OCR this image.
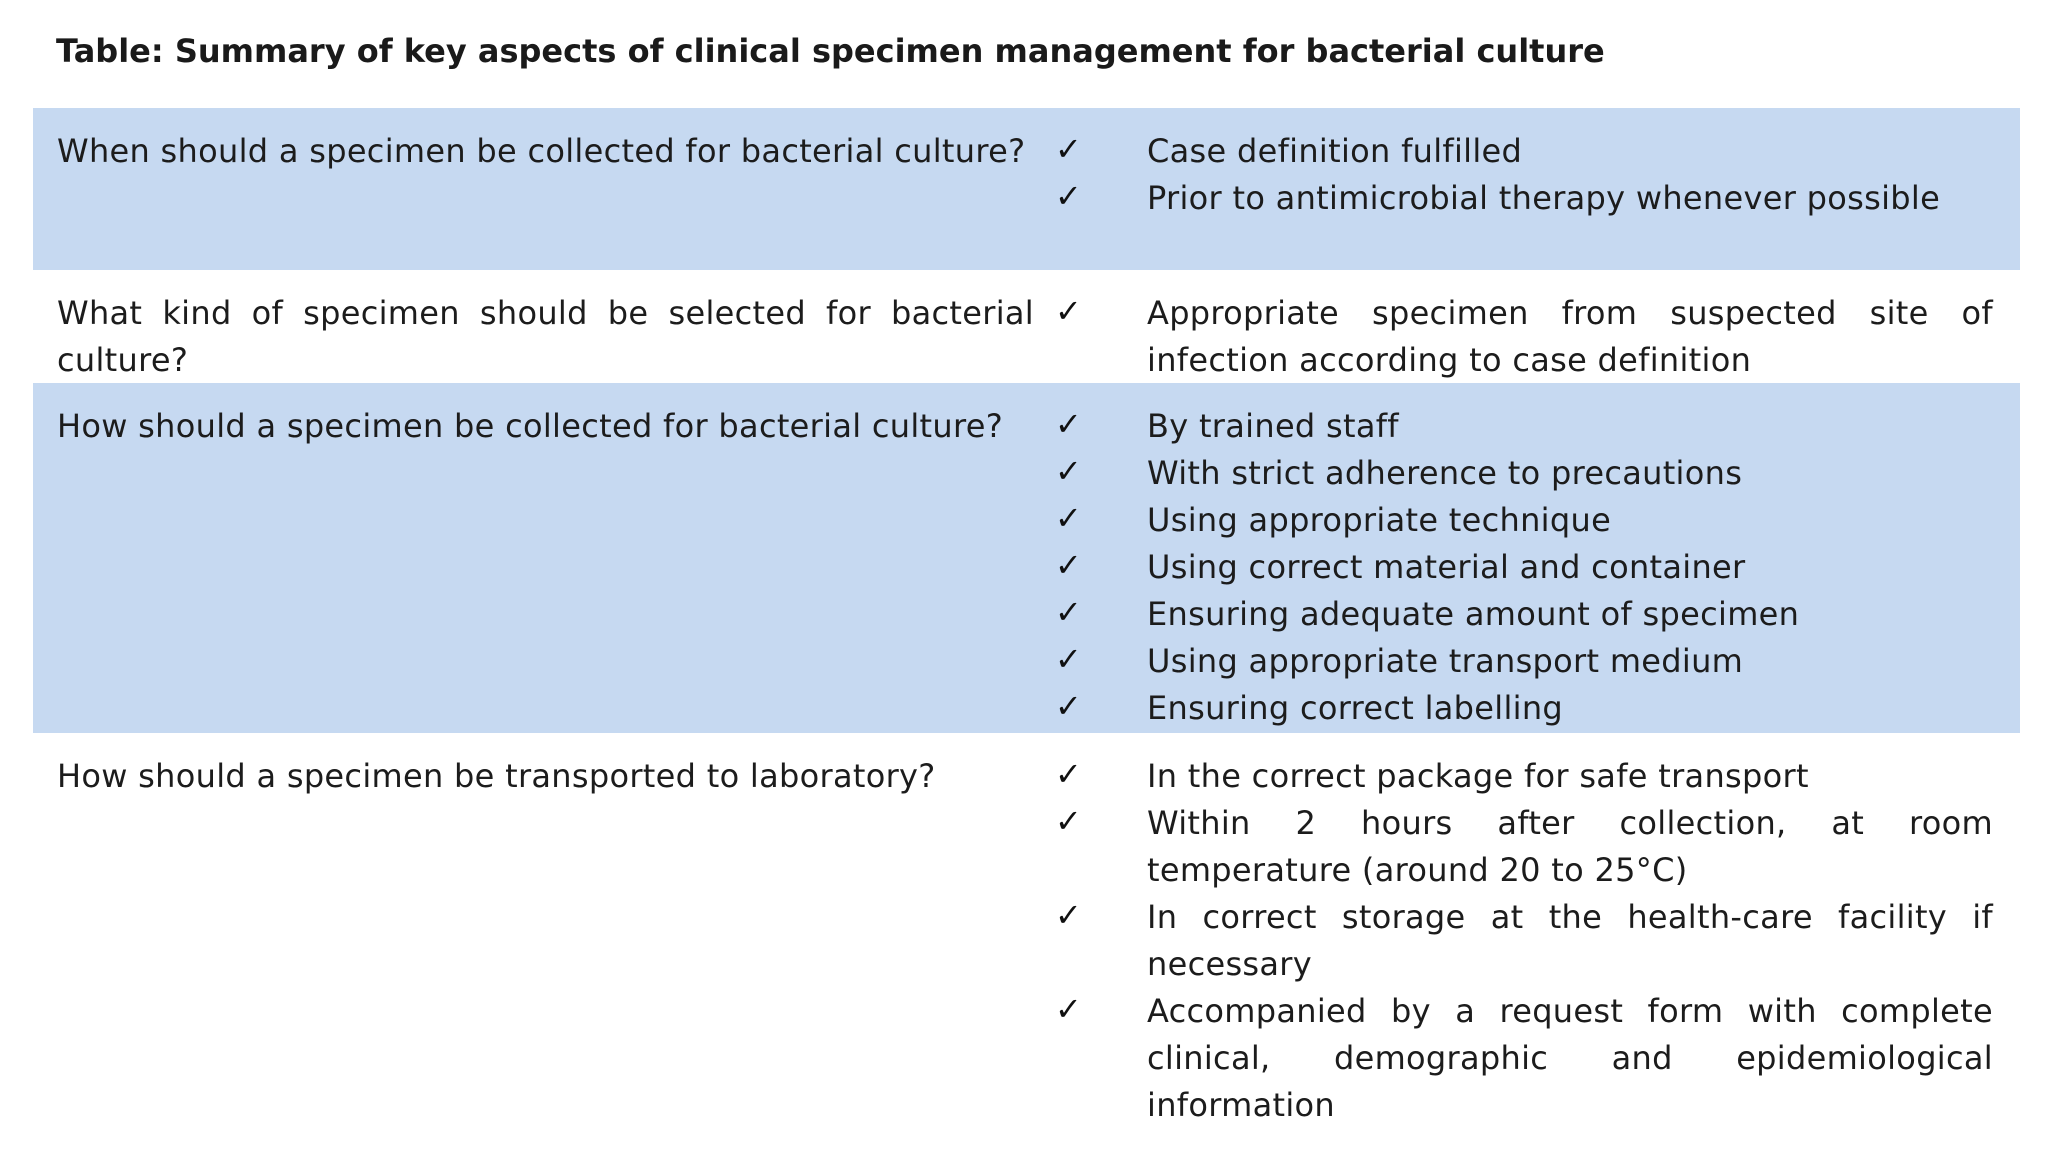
Table: Summary of key aspects of clinical specimen management for bacterial culture

When should a specimen be collected for bacterial culture? ✓ Case definition fulfilled
✓ Prior to antimicrobial therapy whenever possible

What kind of specimen should be selected for bacterial culture?

✓ Appropriate specimen from suspected site of infection according to case definition

How should a specimen be collected for bacterial culture?	✓ By trained staff
✓ With strict adherence to precautions
✓ Using appropriate technique
✓ Using correct material and container
✓ Ensuring adequate amount of specimen
✓ Using appropriate transport medium
✓ Ensuring correct labelling

How should a specimen be transported to laboratory?	✓ In the correct package for safe transport
✓ Within 2 hours after collection, at room temperature (around 20 to 25°C)
✓ In correct storage at the health-care facility if necessary
✓ Accompanied by a request form with complete clinical, demographic and epidemiological information
